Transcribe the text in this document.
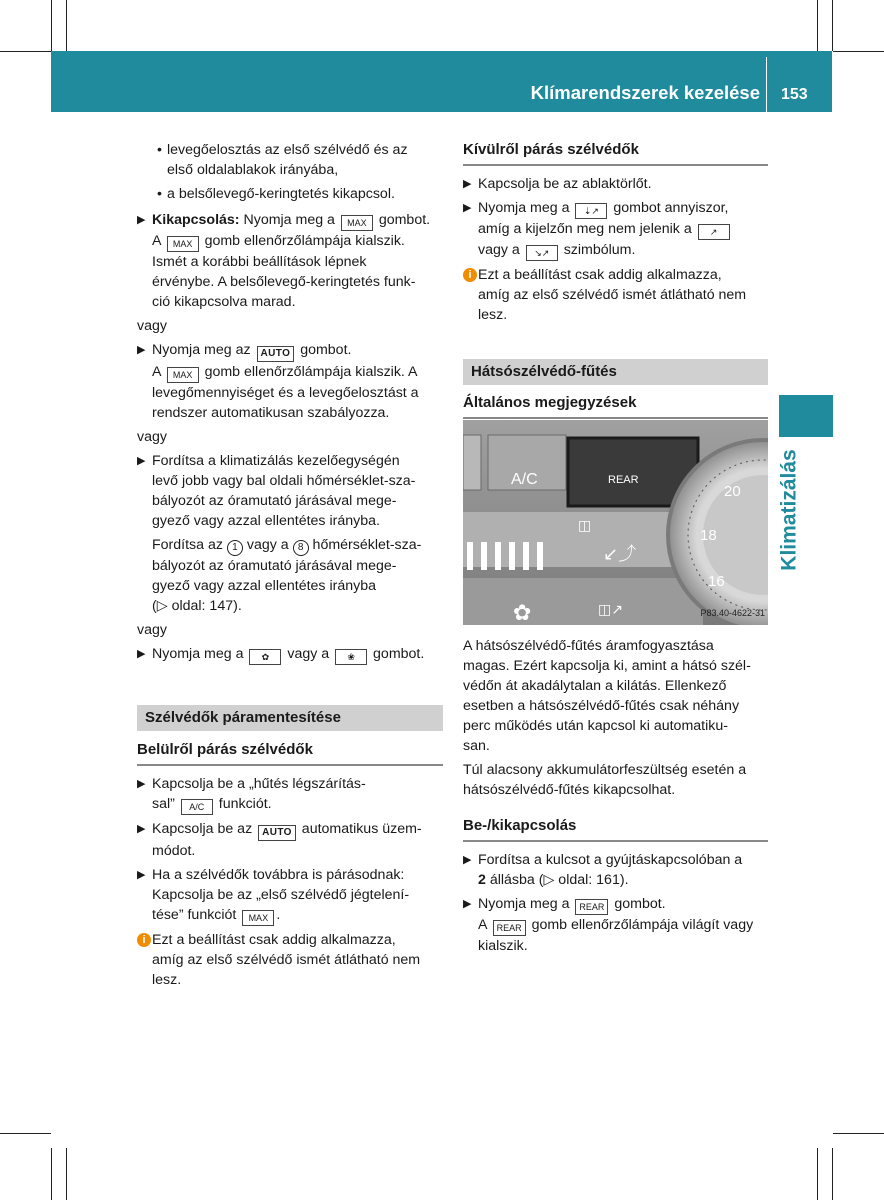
Klímarendszerek kezelése 153
Klimatizálás

• levegőelosztás az első szélvédő és az
első oldalablakok irányába,

• a belsőlevegő-keringtetés kikapcsol.

▶ Kikapcsolás: Nyomja meg a MAX gombot.
A MAX gomb ellenőrzőlámpája kialszik.
Ismét a korábbi beállítások lépnek
érvénybe. A belsőlevegő-keringtetés funk-
ció kikapcsolva marad.

vagy

▶ Nyomja meg az AUTO gombot.
A MAX gomb ellenőrzőlámpája kialszik. A
levegőmennyiséget és a levegőelosztást a
rendszer automatikusan szabályozza.

vagy

▶ Fordítsa a klimatizálás kezelőegységén
levő jobb vagy bal oldali hőmérséklet-sza-
bályozót az óramutató járásával mege-
gyező vagy azzal ellentétes irányba.

Fordítsa az 1 vagy a 8 hőmérséklet-sza-
bályozót az óramutató járásával mege-
gyező vagy azzal ellentétes irányba
(▷ oldal: 147).

vagy

▶ Nyomja meg a ✿ vagy a ❀ gombot.

Szélvédők páramentesítése
Belülről párás szélvédők

▶ Kapcsolja be a „hűtés légszárítás-
sal” A/C funkciót.

▶ Kapcsolja be az AUTO automatikus üzem-
módot.

▶ Ha a szélvédők továbbra is párásodnak:
Kapcsolja be az „első szélvédő jégtelení-
tése” funkciót MAX .

i Ezt a beállítást csak addig alkalmazza,
amíg az első szélvédő ismét átlátható nem
lesz.

Kívülről párás szélvédők

▶ Kapcsolja be az ablaktörlőt.

▶ Nyomja meg a ⇣↗ gombot annyiszor,
amíg a kijelzőn meg nem jelenik a ↗
vagy a ↘↗ szimbólum.

i Ezt a beállítást csak addig alkalmazza,
amíg az első szélvédő ismét átlátható nem
lesz.

Hátsószélvédő-fűtés
Általános megjegyzések
◫
↙⤴
✿	◫↗
A/C	REAR
20
18
16
P83.40-4622-31

A hátsószélvédő-fűtés áramfogyasztása
magas. Ezért kapcsolja ki, amint a hátsó szél-
védőn át akadálytalan a kilátás. Ellenkező
esetben a hátsószélvédő-fűtés csak néhány
perc működés után kapcsol ki automatiku-
san.

Túl alacsony akkumulátorfeszültség esetén a
hátsószélvédő-fűtés kikapcsolhat.

Be-/kikapcsolás

▶ Fordítsa a kulcsot a gyújtáskapcsolóban a
2 állásba (▷ oldal: 161).

▶ Nyomja meg a REAR gombot.
A REAR gomb ellenőrzőlámpája világít vagy
kialszik.
